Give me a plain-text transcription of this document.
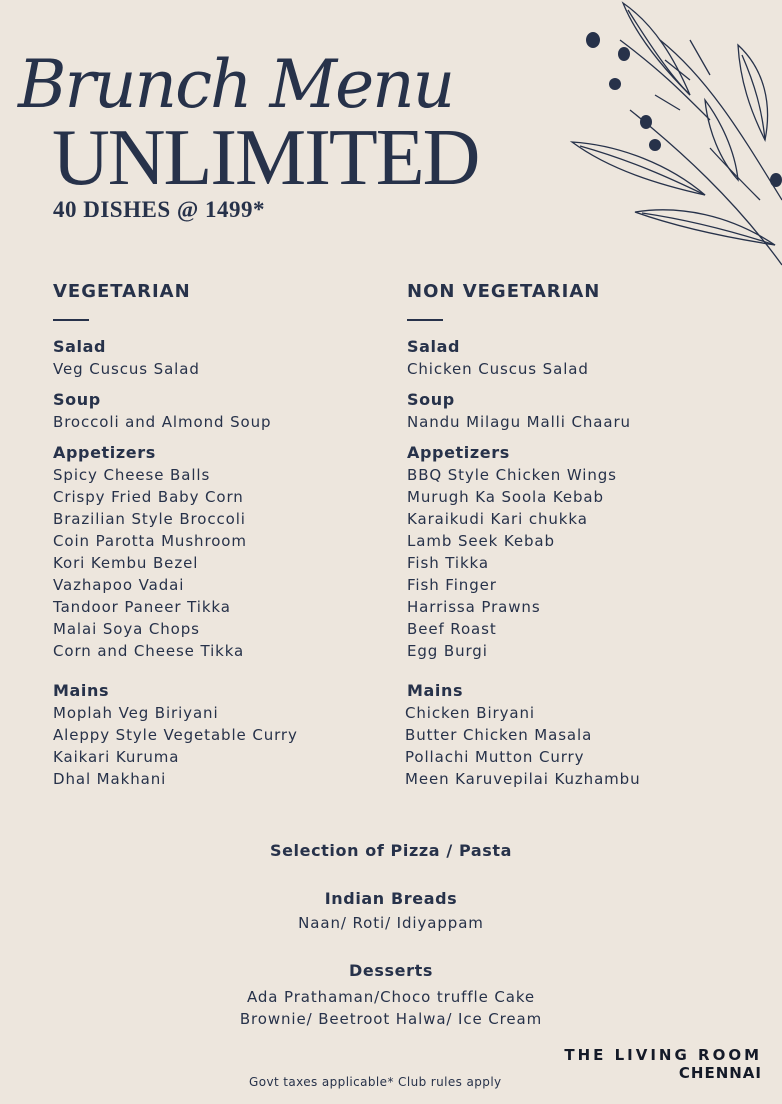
Brunch Menu
UNLIMITED
40 DISHES @ 1499*
VEGETARIAN
Salad
Veg Cuscus Salad
Soup
Broccoli and Almond Soup
Appetizers
Spicy Cheese Balls
Crispy Fried Baby Corn
Brazilian Style Broccoli
Coin Parotta Mushroom
Kori Kembu Bezel
Vazhapoo Vadai
Tandoor Paneer Tikka
Malai Soya Chops
Corn and Cheese Tikka
Mains
Moplah Veg Biriyani
Aleppy Style Vegetable Curry
Kaikari Kuruma
Dhal Makhani
NON VEGETARIAN
Salad
Chicken Cuscus Salad
Soup
Nandu Milagu Malli Chaaru
Appetizers
BBQ Style Chicken Wings
Murugh Ka Soola Kebab
Karaikudi Kari chukka
Lamb Seek Kebab
Fish Tikka
Fish Finger
Harrissa Prawns
Beef Roast
Egg Burgi
Mains
Chicken Biryani
Butter Chicken Masala
Pollachi Mutton Curry
Meen Karuvepilai Kuzhambu
Selection of Pizza / Pasta
Indian Breads
Naan/ Roti/ Idiyappam
Desserts
Ada Prathaman/Choco truffle Cake
Brownie/ Beetroot Halwa/ Ice Cream
Govt taxes applicable* Club rules apply
THE LIVING ROOM
CHENNAI
